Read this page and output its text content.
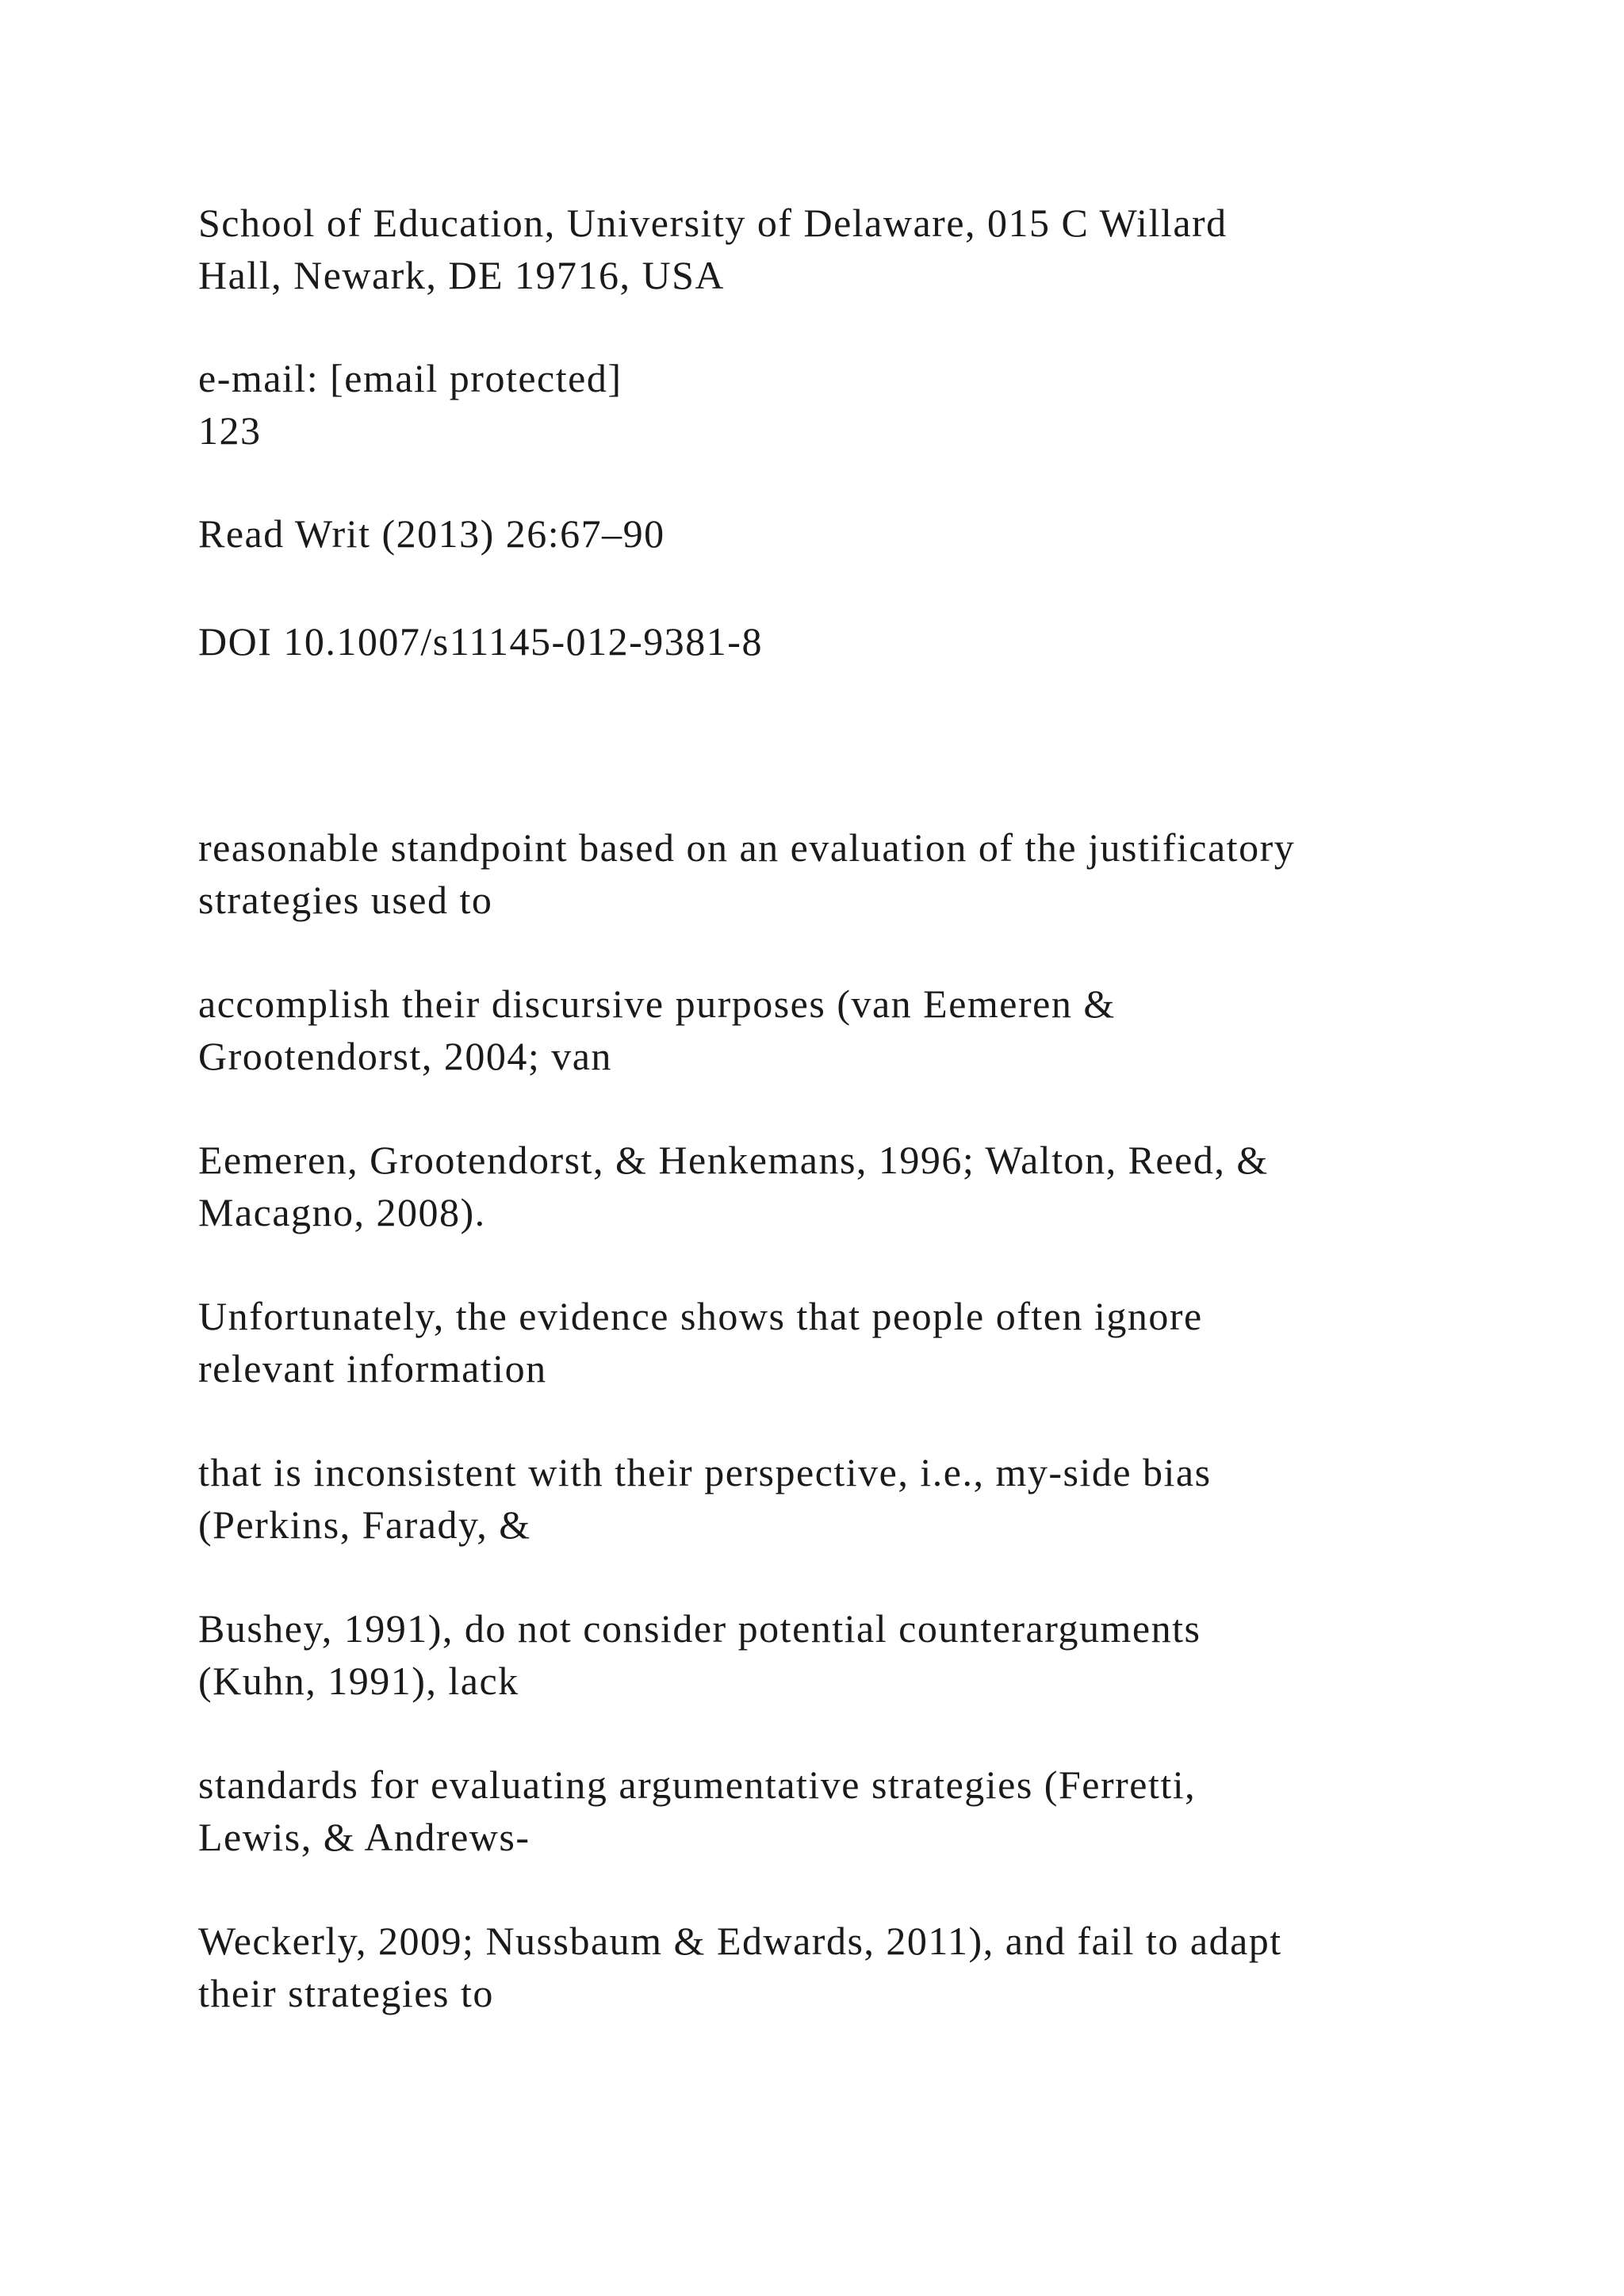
School of Education, University of Delaware, 015 C Willard
Hall, Newark, DE 19716, USA
e-mail: [email protected]
123
Read Writ (2013) 26:67–90
DOI 10.1007/s11145-012-9381-8
reasonable standpoint based on an evaluation of the justificatory
strategies used to
accomplish their discursive purposes (van Eemeren &
Grootendorst, 2004; van
Eemeren, Grootendorst, & Henkemans, 1996; Walton, Reed, &
Macagno, 2008).
Unfortunately, the evidence shows that people often ignore
relevant information
that is inconsistent with their perspective, i.e., my-side bias
(Perkins, Farady, &
Bushey, 1991), do not consider potential counterarguments
(Kuhn, 1991), lack
standards for evaluating argumentative strategies (Ferretti,
Lewis, & Andrews-
Weckerly, 2009; Nussbaum & Edwards, 2011), and fail to adapt
their strategies to
